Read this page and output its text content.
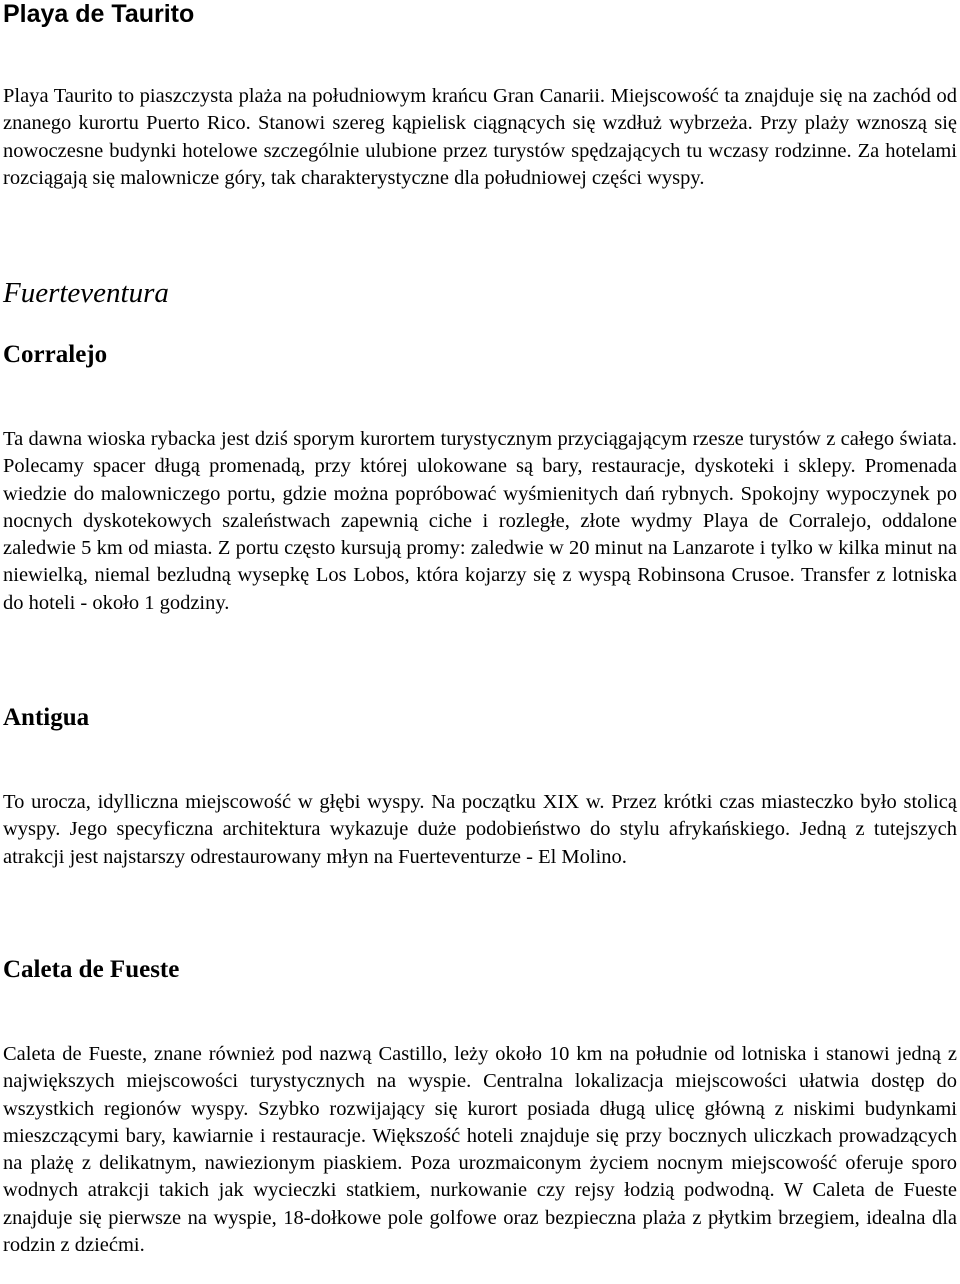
Playa de Taurito

Playa Taurito to piaszczysta plaża na południowym krańcu Gran Canarii. Miejscowość ta znajduje się na zachód od znanego kurortu Puerto Rico. Stanowi szereg kąpielisk ciągnących się wzdłuż wybrzeża. Przy plaży wznoszą się nowoczesne budynki hotelowe szczególnie ulubione przez turystów spędzających tu wczasy rodzinne. Za hotelami rozciągają się malownicze góry, tak charakterystyczne dla południowej części wyspy.

Fuerteventura
Corralejo

Ta dawna wioska rybacka jest dziś sporym kurortem turystycznym przyciągającym rzesze turystów z całego świata. Polecamy spacer długą promenadą, przy której ulokowane są bary, restauracje, dyskoteki i sklepy. Promenada wiedzie do malowniczego portu, gdzie można popróbować wyśmienitych dań rybnych. Spokojny wypoczynek po nocnych dyskotekowych szaleństwach zapewnią ciche i rozległe, złote wydmy Playa de Corralejo, oddalone zaledwie 5 km od miasta. Z portu często kursują promy: zaledwie w 20 minut na Lanzarote i tylko w kilka minut na niewielką, niemal bezludną wysepkę Los Lobos, która kojarzy się z wyspą Robinsona Crusoe. Transfer z lotniska do hoteli - około 1 godziny.

Antigua

To urocza, idylliczna miejscowość w głębi wyspy. Na początku XIX w. Przez krótki czas miasteczko było stolicą wyspy. Jego specyficzna architektura wykazuje duże podobieństwo do stylu afrykańskiego. Jedną z tutejszych atrakcji jest najstarszy odrestaurowany młyn na Fuerteventurze - El Molino.

Caleta de Fueste

Caleta de Fueste, znane również pod nazwą Castillo, leży około 10 km na południe od lotniska i stanowi jedną z największych miejscowości turystycznych na wyspie. Centralna lokalizacja miejscowości ułatwia dostęp do wszystkich regionów wyspy. Szybko rozwijający się kurort posiada długą ulicę główną z niskimi budynkami mieszczącymi bary, kawiarnie i restauracje. Większość hoteli znajduje się przy bocznych uliczkach prowadzących na plażę z delikatnym, nawiezionym piaskiem. Poza urozmaiconym życiem nocnym miejscowość oferuje sporo wodnych atrakcji takich jak wycieczki statkiem, nurkowanie czy rejsy łodzią podwodną. W Caleta de Fueste znajduje się pierwsze na wyspie, 18-dołkowe pole golfowe oraz bezpieczna plaża z płytkim brzegiem, idealna dla rodzin z dziećmi.
